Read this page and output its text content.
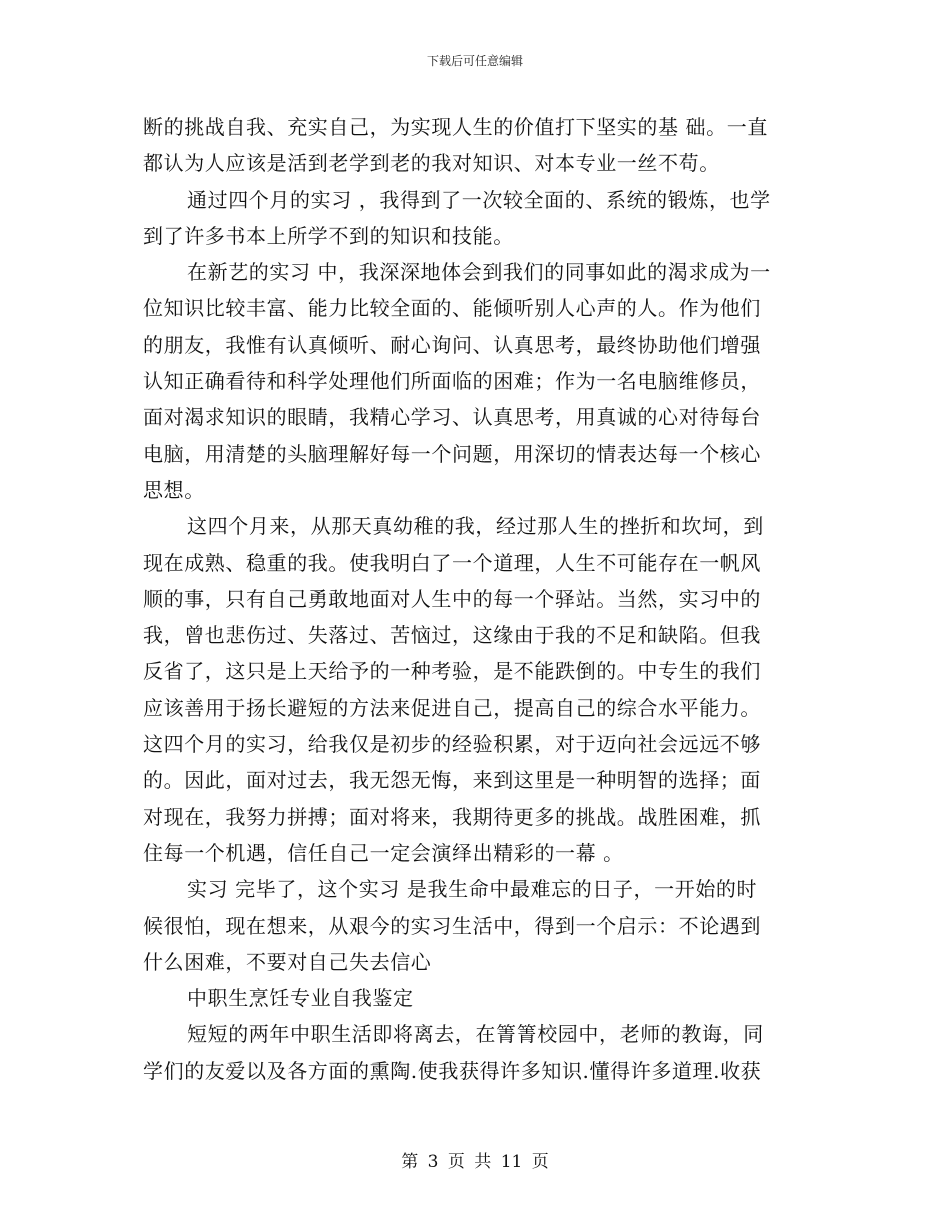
下载后可任意编辑

断的挑战自我、充实自己，为实现人生的价值打下坚实的基 础。一直
都认为人应该是活到老学到老的我对知识、对本专业一丝不苟。

通过四个月的实习 ，我得到了一次较全面的、系统的锻炼，也学
到了许多书本上所学不到的知识和技能。

在新艺的实习 中，我深深地体会到我们的同事如此的渴求成为一
位知识比较丰富、能力比较全面的、能倾听别人心声的人。作为他们
的朋友，我惟有认真倾听、耐心询问、认真思考，最终协助他们增强
认知正确看待和科学处理他们所面临的困难；作为一名电脑维修员，
面对渴求知识的眼睛，我精心学习、认真思考，用真诚的心对待每台
电脑，用清楚的头脑理解好每一个问题，用深切的情表达每一个核心
思想。

这四个月来，从那天真幼稚的我，经过那人生的挫折和坎坷，到
现在成熟、稳重的我。使我明白了一个道理，人生不可能存在一帆风
顺的事，只有自己勇敢地面对人生中的每一个驿站。当然，实习中的
我，曾也悲伤过、失落过、苦恼过，这缘由于我的不足和缺陷。但我
反省了，这只是上天给予的一种考验，是不能跌倒的。中专生的我们
应该善用于扬长避短的方法来促进自己，提高自己的综合水平能力。
这四个月的实习，给我仅是初步的经验积累，对于迈向社会远远不够
的。因此，面对过去，我无怨无悔，来到这里是一种明智的选择；面
对现在，我努力拼搏；面对将来，我期待更多的挑战。战胜困难，抓
住每一个机遇，信任自己一定会演绎出精彩的一幕 。

实习 完毕了，这个实习 是我生命中最难忘的日子，一开始的时
候很怕，现在想来，从艰今的实习生活中，得到一个启示：不论遇到
什么困难，不要对自己失去信心

中职生烹饪专业自我鉴定

短短的两年中职生活即将离去，在箐箐校园中，老师的教诲，同
学们的友爱以及各方面的熏陶.使我获得许多知识.懂得许多道理.收获

第 3 页 共 11 页
